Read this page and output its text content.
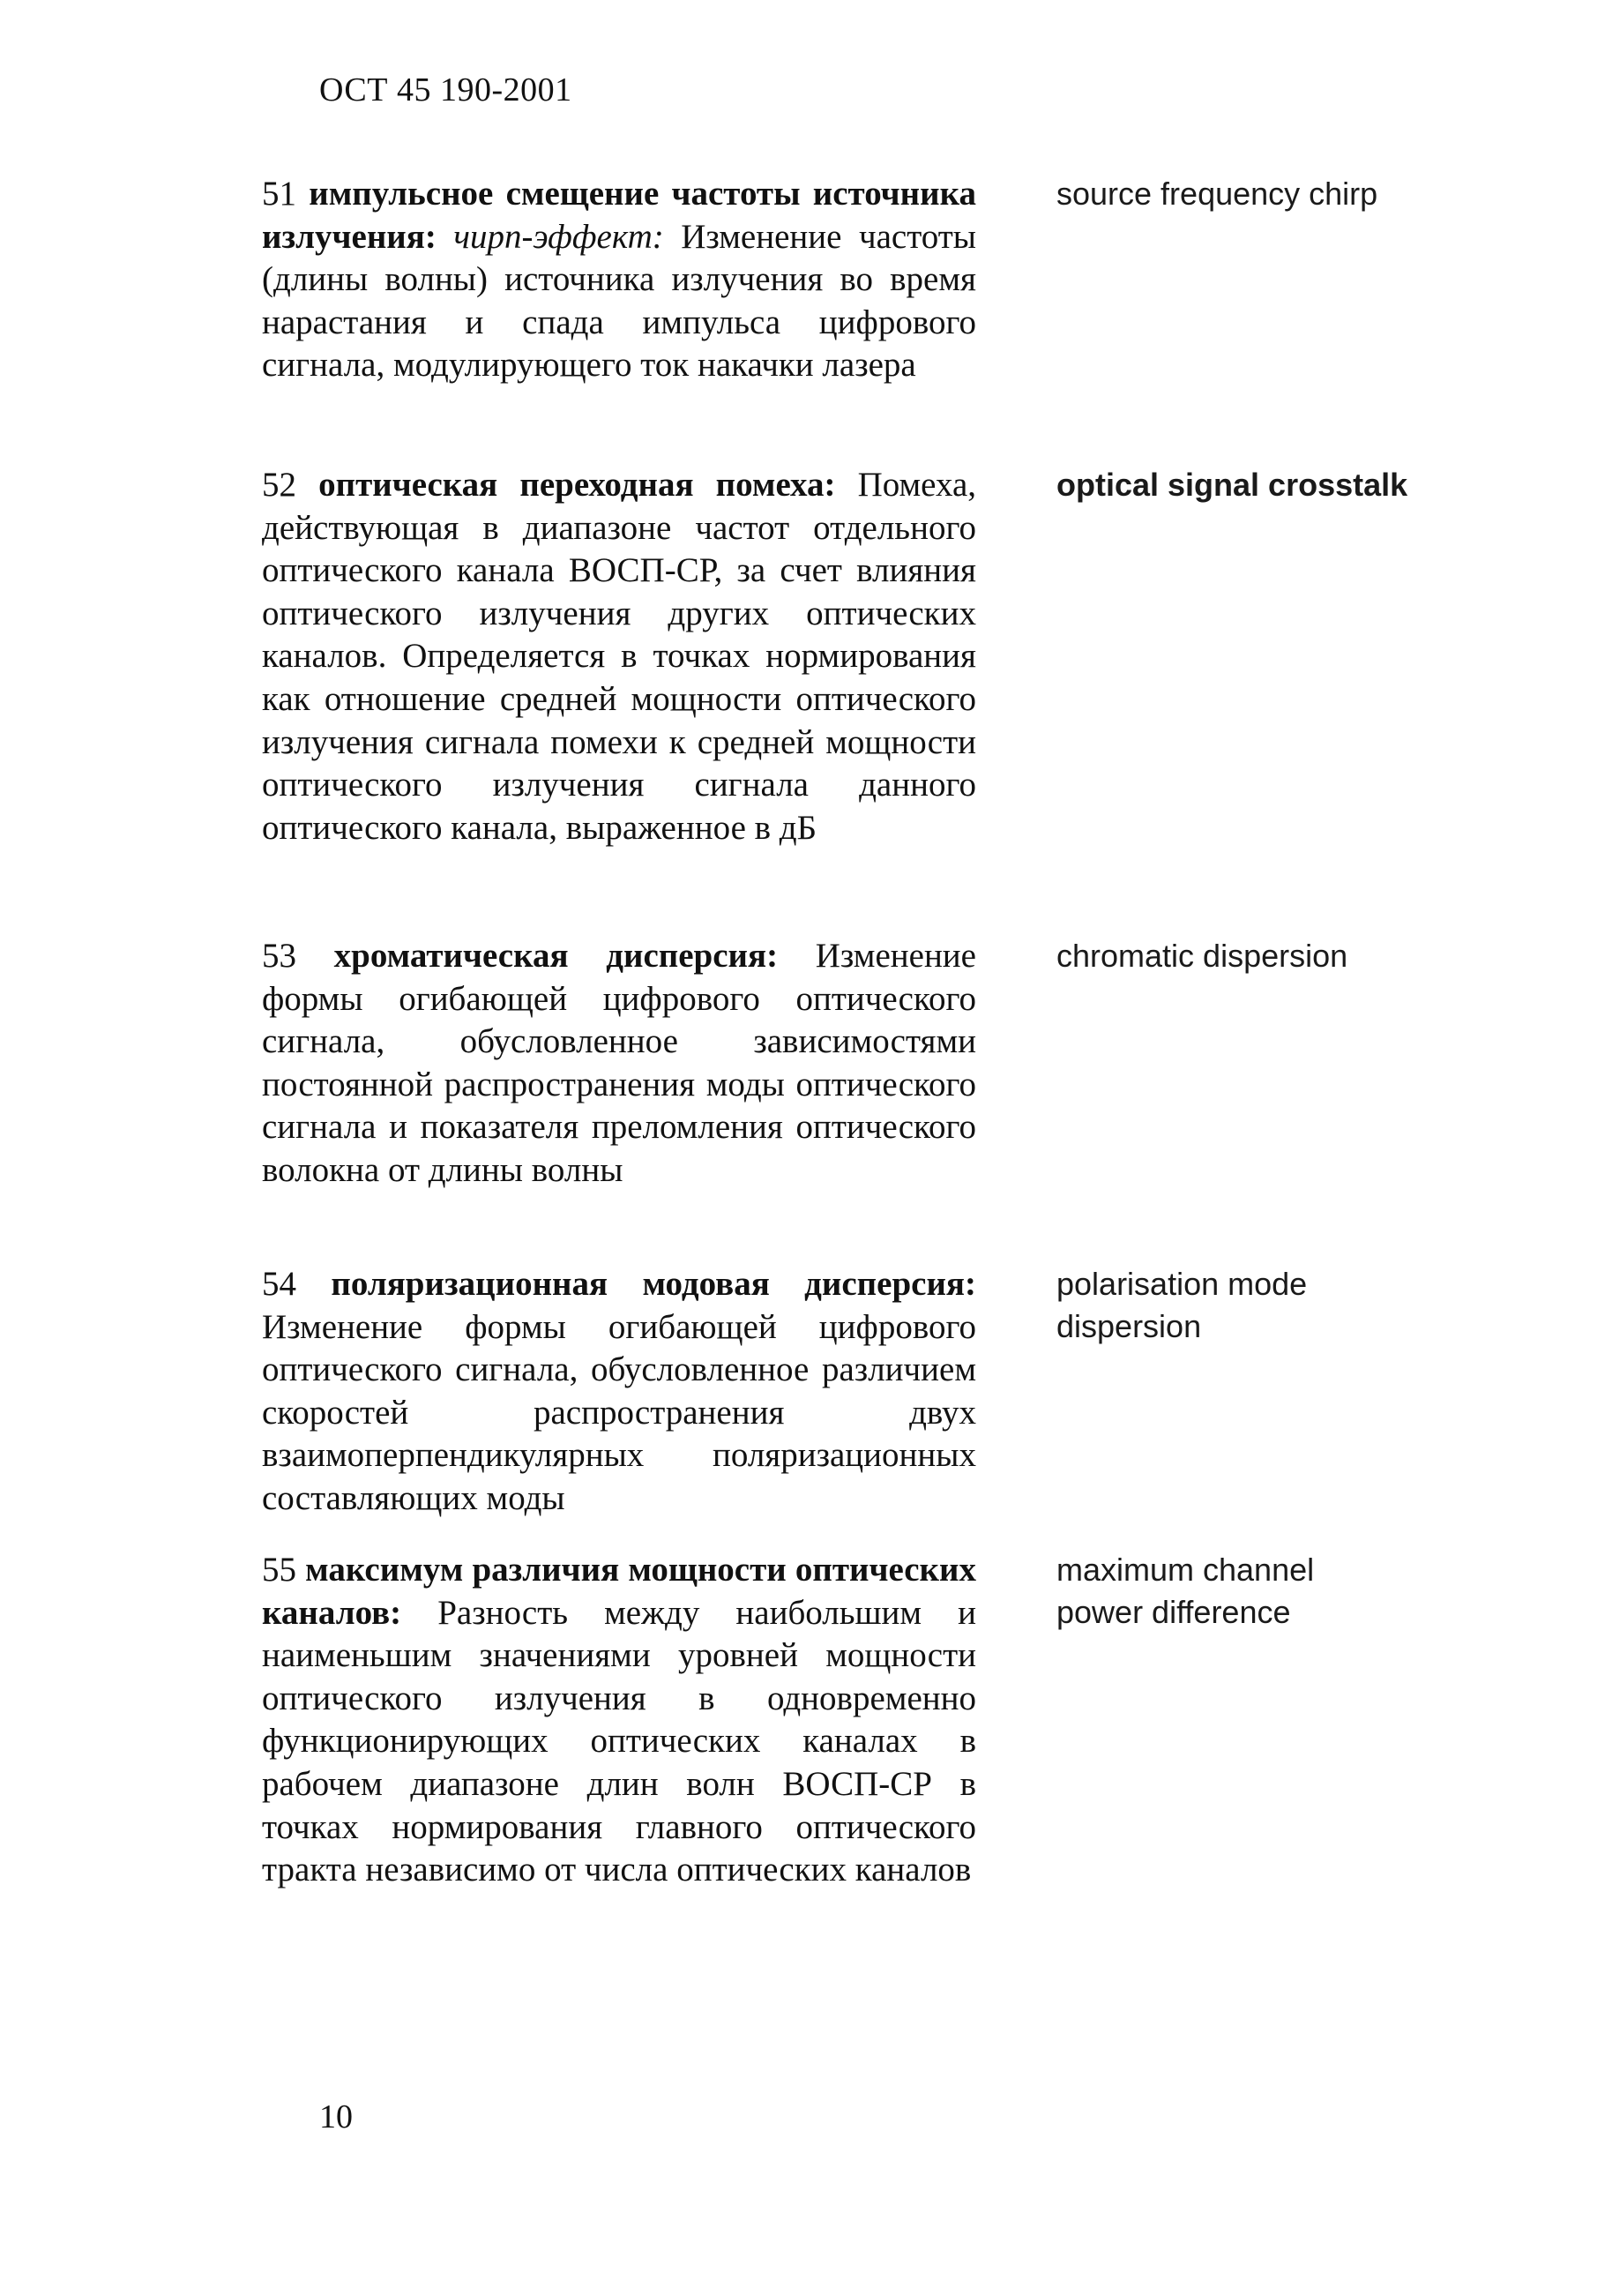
ОСТ 45 190-2001
51 импульсное смещение частоты источника излучения: чирп-эффект: Изменение частоты (длины волны) источника излучения во время нарастания и спада импульса цифрового сигнала, модулирующего ток накачки лазера
source frequency chirp
52 оптическая переходная помеха: Помеха, действующая в диапазоне частот отдельного оптического канала ВОСП-СР, за счет влияния оптического излучения других оптических каналов. Определяется в точках нормирования как отношение средней мощности оптического излучения сигнала помехи к средней мощности оптического излучения сигнала данного оптического канала, выраженное в дБ
optical signal crosstalk
53 хроматическая дисперсия: Изменение формы огибающей цифрового оптического сигнала, обусловленное зависимостями постоянной распространения моды оптического сигнала и показателя преломления оптического волокна от длины волны
chromatic dispersion
54 поляризационная модовая дисперсия: Изменение формы огибающей цифрового оптического сигнала, обусловленное различием скоростей распространения двух взаимоперпендикулярных поляризационных составляющих моды
polarisation mode dispersion
55 максимум различия мощности оптических каналов: Разность между наибольшим и наименьшим значениями уровней мощности оптического излучения в одновременно функционирующих оптических каналах в рабочем диапазоне длин волн ВОСП-СР в точках нормирования главного оптического тракта независимо от числа оптических каналов
maximum channel power difference
10
